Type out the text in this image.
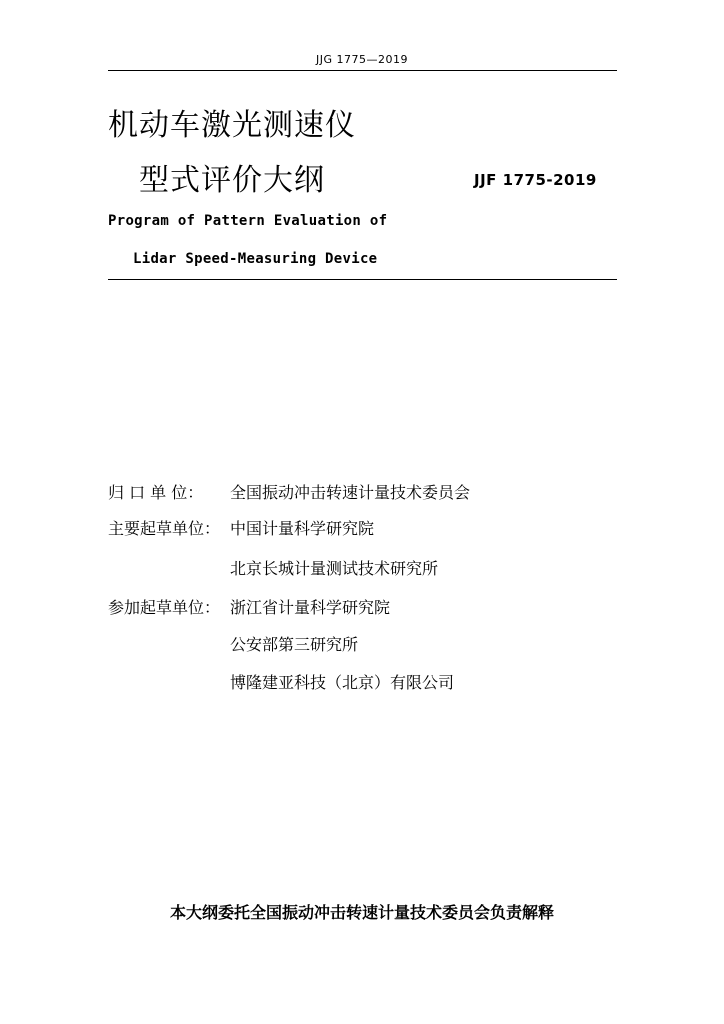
JJG 1775—2019
机动车激光测速仪
型式评价大纲	JJF 1775-2019
Program of Pattern Evaluation of
Lidar Speed-Measuring Device
归 口 单 位： 全国振动冲击转速计量技术委员会
主要起草单位： 中国计量科学研究院
北京长城计量测试技术研究所
参加起草单位： 浙江省计量科学研究院
公安部第三研究所
博隆建亚科技（北京）有限公司
本大纲委托全国振动冲击转速计量技术委员会负责解释
